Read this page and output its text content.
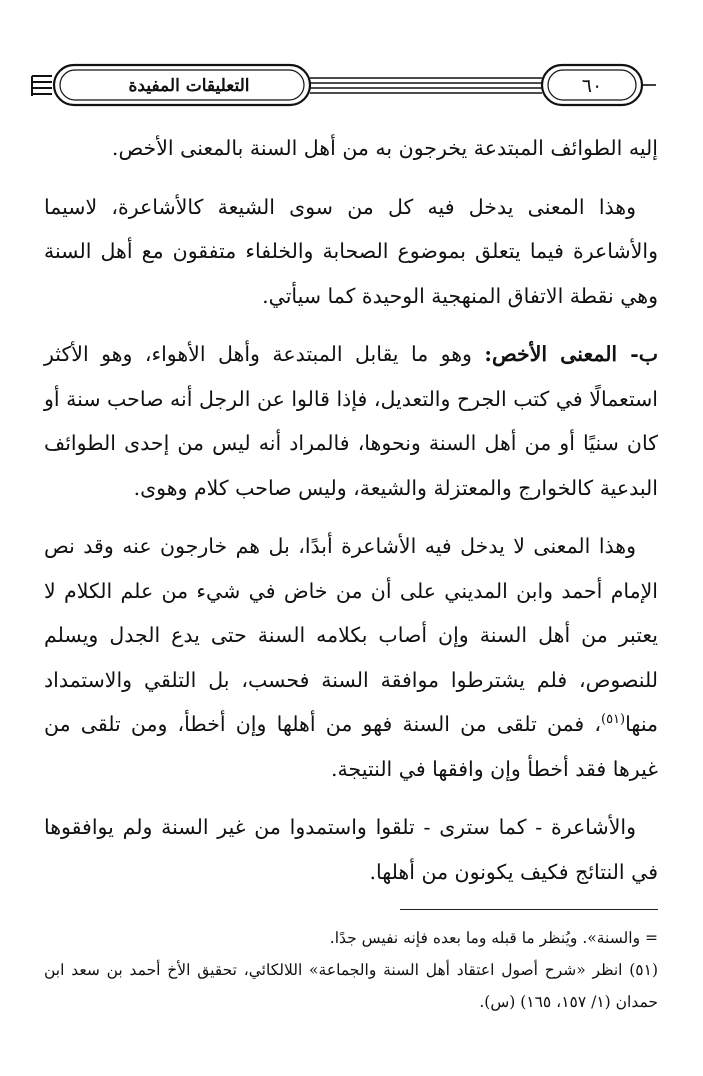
التعليقات المفيدة	٦٠

إليه الطوائف المبتدعة يخرجون به من أهل السنة بالمعنى الأخص.

وهذا المعنى يدخل فيه كل من سوى الشيعة كالأشاعرة، لاسيما والأشاعرة فيما يتعلق بموضوع الصحابة والخلفاء متفقون مع أهل السنة وهي نقطة الاتفاق المنهجية الوحيدة كما سيأتي.

ب- المعنى الأخص: وهو ما يقابل المبتدعة وأهل الأهواء، وهو الأكثر استعمالًا في كتب الجرح والتعديل، فإذا قالوا عن الرجل أنه صاحب سنة أو كان سنيًا أو من أهل السنة ونحوها، فالمراد أنه ليس من إحدى الطوائف البدعية كالخوارج والمعتزلة والشيعة، وليس صاحب كلام وهوى.

وهذا المعنى لا يدخل فيه الأشاعرة أبدًا، بل هم خارجون عنه وقد نص الإمام أحمد وابن المديني على أن من خاض في شيء من علم الكلام لا يعتبر من أهل السنة وإن أصاب بكلامه السنة حتى يدع الجدل ويسلم للنصوص، فلم يشترطوا موافقة السنة فحسب، بل التلقي والاستمداد منها$^{(٥١)}$، فمن تلقى من السنة فهو من أهلها وإن أخطأ، ومن تلقى من غيرها فقد أخطأ وإن وافقها في النتيجة.

والأشاعرة - كما سترى - تلقوا واستمدوا من غير السنة ولم يوافقوها في النتائج فكيف يكونون من أهلها.

= والسنة». ويُنظر ما قبله وما بعده فإنه نفيس جدًا.

(٥١) انظر «شرح أصول اعتقاد أهل السنة والجماعة» اللالكائي، تحقيق الأخ أحمد بن سعد ابن حمدان (١/ ١٥٧، ١٦٥) (س).
